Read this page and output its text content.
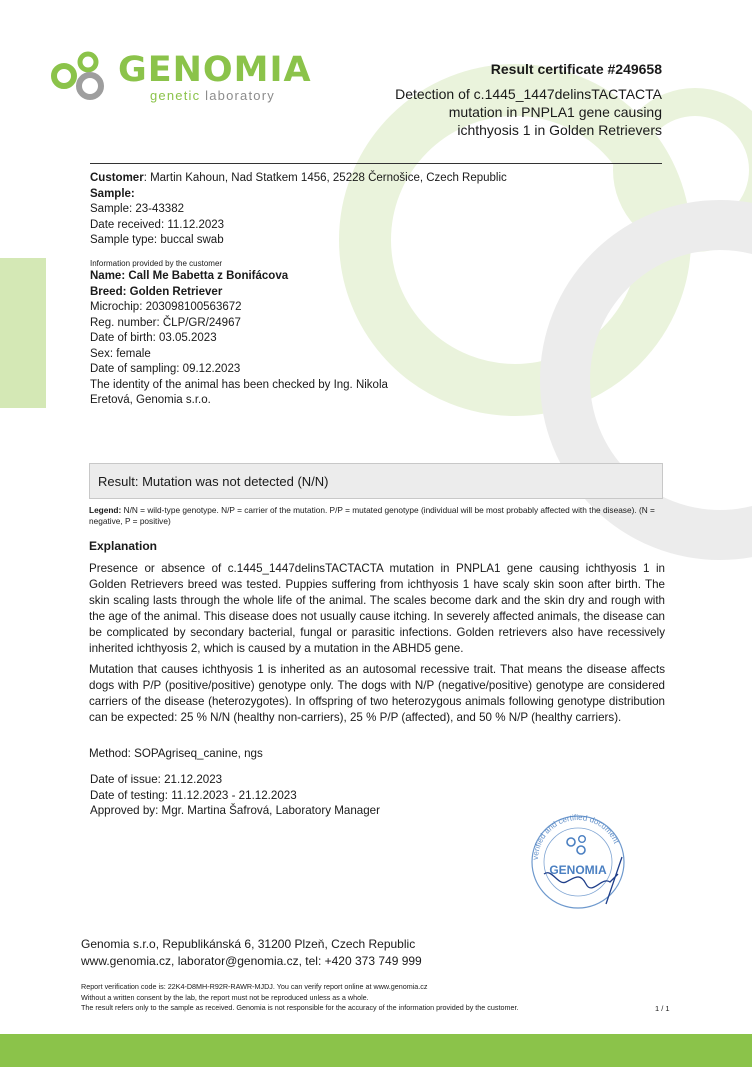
GENOMIA
genetic laboratory
Result certificate #249658
Detection of c.1445_1447delinsTACTACTA
mutation in PNPLA1 gene causing
ichthyosis 1 in Golden Retrievers
Customer: Martin Kahoun, Nad Statkem 1456, 25228 Černošice, Czech Republic
Sample:
Sample: 23-43382
Date received: 11.12.2023
Sample type: buccal swab
Information provided by the customer
Name: Call Me Babetta z Bonifácova
Breed: Golden Retriever
Microchip: 203098100563672
Reg. number: ČLP/GR/24967
Date of birth: 03.05.2023
Sex: female
Date of sampling: 09.12.2023
The identity of the animal has been checked by Ing. Nikola
Eretová, Genomia s.r.o.
Result: Mutation was not detected (N/N)
Legend: N/N = wild-type genotype. N/P = carrier of the mutation. P/P = mutated genotype (individual will be most probably affected with the disease). (N = negative, P = positive)
Explanation
Presence or absence of c.1445_1447delinsTACTACTA mutation in PNPLA1 gene causing ichthyosis 1 in Golden Retrievers breed was tested. Puppies suffering from ichthyosis 1 have scaly skin soon after birth. The skin scaling lasts through the whole life of the animal. The scales become dark and the skin dry and rough with the age of the animal. This disease does not usually cause itching. In severely affected animals, the disease can be complicated by secondary bacterial, fungal or parasitic infections. Golden retrievers also have recessively inherited ichthyosis 2, which is caused by a mutation in the ABHD5 gene.
Mutation that causes ichthyosis 1 is inherited as an autosomal recessive trait. That means the disease affects dogs with P/P (positive/positive) genotype only. The dogs with N/P (negative/positive) genotype are considered carriers of the disease (heterozygotes). In offspring of two heterozygous animals following genotype distribution can be expected: 25 % N/N (healthy non-carriers), 25 % P/P (affected), and 50 % N/P (healthy carriers).
Method: SOPAgriseq_canine, ngs
Date of issue: 21.12.2023
Date of testing: 11.12.2023 - 21.12.2023
Approved by: Mgr. Martina Šafrová, Laboratory Manager
verified and certified document
GENOMIA
Genomia s.r.o, Republikánská 6, 31200 Plzeň, Czech Republic
www.genomia.cz, laborator@genomia.cz, tel: +420 373 749 999
Report verification code is: 22K4-D8MH-R92R-RAWR-MJDJ. You can verify report online at www.genomia.cz
Without a written consent by the lab, the report must not be reproduced unless as a whole.
The result refers only to the sample as received. Genomia is not responsible for the accuracy of the information provided by the customer.	1 / 1
